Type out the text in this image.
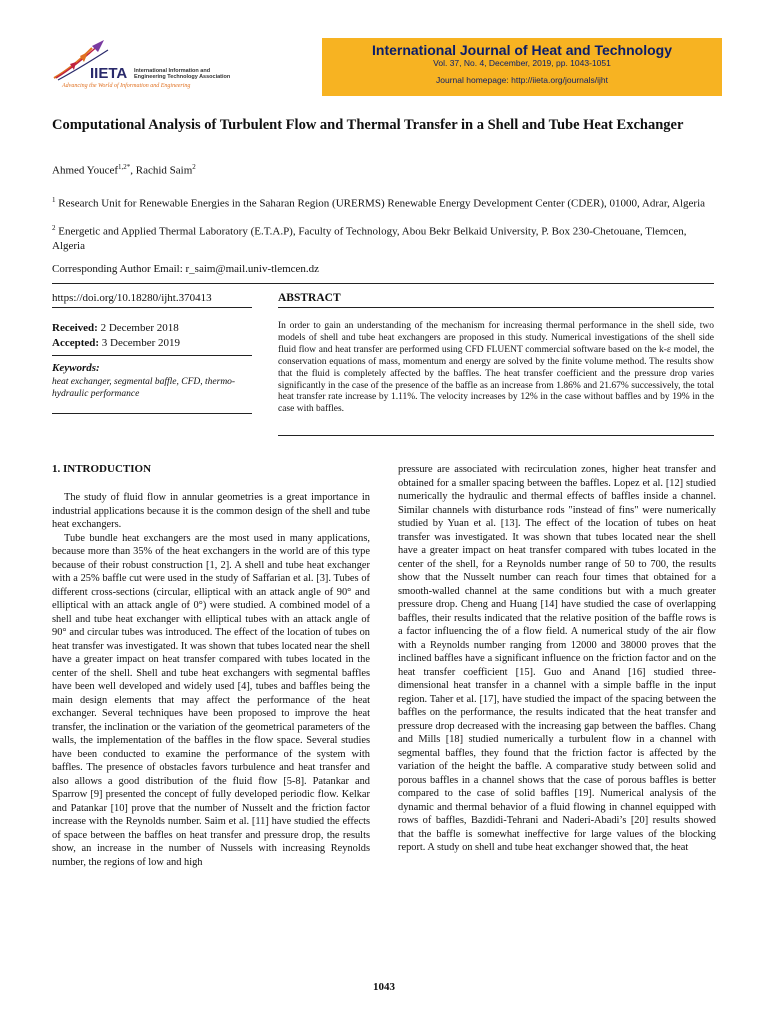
IIETA International Information and
Engineering Technology Association
Advancing the World of Information and Engineering
International Journal of Heat and Technology
Vol. 37, No. 4, December, 2019, pp. 1043-1051
Journal homepage: http://iieta.org/journals/ijht
Computational Analysis of Turbulent Flow and Thermal Transfer in a Shell and Tube Heat Exchanger
Ahmed Youcef$^{1,2*}$, Rachid Saim$^2$
$^1$ Research Unit for Renewable Energies in the Saharan Region (URERMS) Renewable Energy Development Center (CDER), 01000, Adrar, Algeria
$^2$ Energetic and Applied Thermal Laboratory (E.T.A.P), Faculty of Technology, Abou Bekr Belkaid University, P. Box 230-Chetouane, Tlemcen, Algeria
Corresponding Author Email: r_saim@mail.univ-tlemcen.dz
https://doi.org/10.18280/ijht.370413	ABSTRACT
Received: 2 December 2018
Accepted: 3 December 2019
Keywords:
heat exchanger, segmental baffle, CFD, thermo-hydraulic performance
In order to gain an understanding of the mechanism for increasing thermal performance in the shell side, two models of shell and tube heat exchangers are proposed in this study. Numerical investigations of the shell side fluid flow and heat transfer are performed using CFD FLUENT commercial software based on the k-ε model, the conservation equations of mass, momentum and energy are solved by the finite volume method. The results show that the fluid is completely affected by the baffles. The heat transfer coefficient and the pressure drop varies significantly in the case of the presence of the baffle as an increase from 1.86% and 21.67% successively, the total heat transfer rate increase by 1.11%. The velocity increases by 12% in the case without baffles and by 19% in the case with baffles.
1. INTRODUCTION

The study of fluid flow in annular geometries is a great importance in industrial applications because it is the common design of the shell and tube heat exchangers.

Tube bundle heat exchangers are the most used in many applications, because more than 35% of the heat exchangers in the world are of this type because of their robust construction [1, 2]. A shell and tube heat exchanger with a 25% baffle cut were used in the study of Saffarian et al. [3]. Tubes of different cross-sections (circular, elliptical with an attack angle of 90° and elliptical with an attack angle of 0°) were studied. A combined model of a shell and tube heat exchanger with elliptical tubes with an attack angle of 90° and circular tubes was introduced. The effect of the location of tubes on heat transfer was investigated. It was shown that tubes located near the shell have a greater impact on heat transfer compared with tubes located in the center of the shell. Shell and tube heat exchangers with segmental baffles have been well developed and widely used [4], tubes and baffles being the main design elements that may affect the performance of the heat exchanger. Several techniques have been proposed to improve the heat transfer, the inclination or the variation of the geometrical parameters of the walls, the implementation of the baffles in the flow space. Several studies have been conducted to examine the performance of the system with baffles. The presence of obstacles favors turbulence and heat transfer and also allows a good distribution of the fluid flow [5-8]. Patankar and Sparrow [9] presented the concept of fully developed periodic flow. Kelkar and Patankar [10] prove that the number of Nusselt and the friction factor increase with the Reynolds number. Saim et al. [11] have studied the effects of space between the baffles on heat transfer and pressure drop, the results show, an increase in the number of Nussels with increasing Reynolds number, the regions of low and high

pressure are associated with recirculation zones, higher heat transfer and obtained for a smaller spacing between the baffles. Lopez et al. [12] studied numerically the hydraulic and thermal effects of baffles inside a channel. Similar channels with disturbance rods "instead of fins" were numerically studied by Yuan et al. [13]. The effect of the location of tubes on heat transfer was investigated. It was shown that tubes located near the shell have a greater impact on heat transfer compared with tubes located in the center of the shell, for a Reynolds number range of 50 to 700, the results show that the Nusselt number can reach four times that obtained for a smooth-walled channel at the same conditions but with a much greater pressure drop. Cheng and Huang [14] have studied the case of overlapping baffles, their results indicated that the relative position of the baffle rows is a factor influencing the of a flow field. A numerical study of the air flow with a Reynolds number ranging from 12000 and 38000 proves that the inclined baffles have a significant influence on the friction factor and on the heat transfer coefficient [15]. Guo and Anand [16] studied three-dimensional heat transfer in a channel with a simple baffle in the input region. Taher et al. [17], have studied the impact of the spacing between the baffles on the performance, the results indicated that the heat transfer and pressure drop decreased with the increasing gap between the baffles. Chang and Mills [18] studied numerically a turbulent flow in a channel with segmental baffles, they found that the friction factor is affected by the variation of the height the baffle. A comparative study between solid and porous baffles in a channel shows that the case of porous baffles is better compared to the case of solid baffles [19]. Numerical analysis of the dynamic and thermal behavior of a fluid flowing in channel equipped with rows of baffles, Bazdidi-Tehrani and Naderi-Abadi’s [20] results showed that the baffle is somewhat ineffective for large values of the blocking report. A study on shell and tube heat exchanger showed that, the heat

1043
